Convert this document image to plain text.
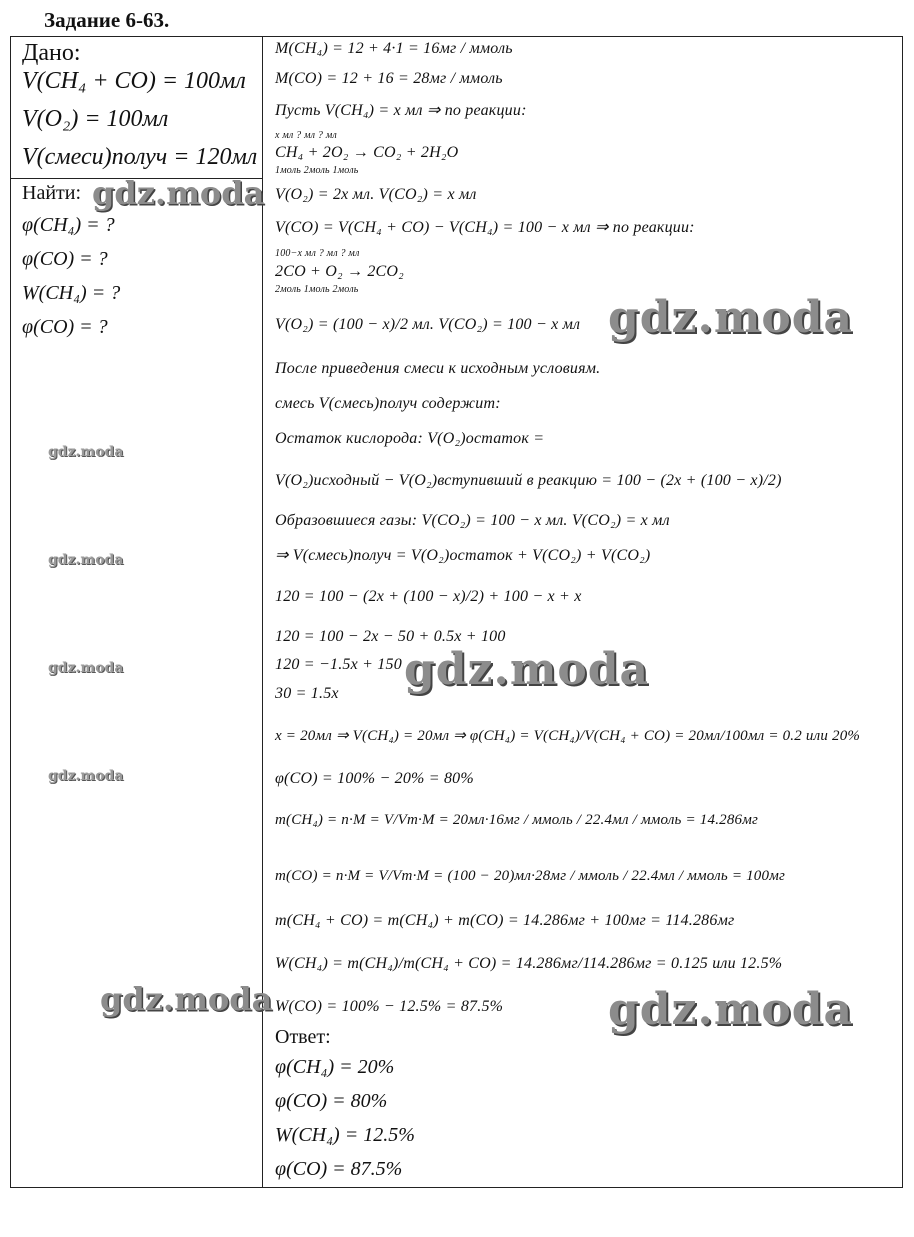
Задание 6-63.
Дано:
V(CH₄ + CO) = 100мл
V(O₂) = 100мл
V(смеси)получ = 120мл
Найти:
φ(CH₄) = ?
φ(CO) = ?
W(CH₄) = ?
φ(CO) = ?
M(CH₄) = 12 + 4·1 = 16мг / ммоль
M(CO) = 12 + 16 = 28мг / ммоль
Пусть V(CH₄) = x мл ⇒ по реакции:
x мл ? мл ? мл
CH₄ + 2O₂ → CO₂ + 2H₂O
1моль 2моль 1моль
V(O₂) = 2x мл. V(CO₂) = x мл
V(CO) = V(CH₄ + CO) − V(CH₄) = 100 − x мл ⇒ по реакции:
100−x мл ? мл ? мл
2CO + O₂ → 2CO₂
2моль 1моль 2моль
V(O₂) = (100 − x)/2 мл. V(CO₂) = 100 − x мл
После приведения смеси к исходным условиям.
смесь V(смесь)получ содержит:
Остаток кислорода: V(O₂)остаток =
V(O₂)исходный − V(O₂)вступивший в реакцию = 100 − (2x + (100 − x)/2)
Образовшиеся газы: V(CO₂) = 100 − x мл. V(CO₂) = x мл
⇒ V(смесь)получ = V(O₂)остаток + V(CO₂) + V(CO₂)
120 = 100 − (2x + (100 − x)/2) + 100 − x + x
120 = 100 − 2x − 50 + 0.5x + 100
120 = −1.5x + 150
30 = 1.5x
x = 20мл ⇒ V(CH₄) = 20мл ⇒ φ(CH₄) = V(CH₄)/V(CH₄ + CO) = 20мл/100мл = 0.2 или 20%
φ(CO) = 100% − 20% = 80%
m(CH₄) = n·M = V/Vm·M = 20мл·16мг / ммоль / 22.4мл / ммоль = 14.286мг
m(CO) = n·M = V/Vm·M = (100 − 20)мл·28мг / ммоль / 22.4мл / ммоль = 100мг
m(CH₄ + CO) = m(CH₄) + m(CO) = 14.286мг + 100мг = 114.286мг
W(CH₄) = m(CH₄)/m(CH₄ + CO) = 14.286мг/114.286мг = 0.125 или 12.5%
W(CO) = 100% − 12.5% = 87.5%
Ответ:
φ(CH₄) = 20%
φ(CO) = 80%
W(CH₄) = 12.5%
φ(CO) = 87.5%
gdz.moda
gdz.moda
gdz.moda
gdz.moda
gdz.moda	gdz.moda
gdz.moda
gdz.moda	gdz.moda
